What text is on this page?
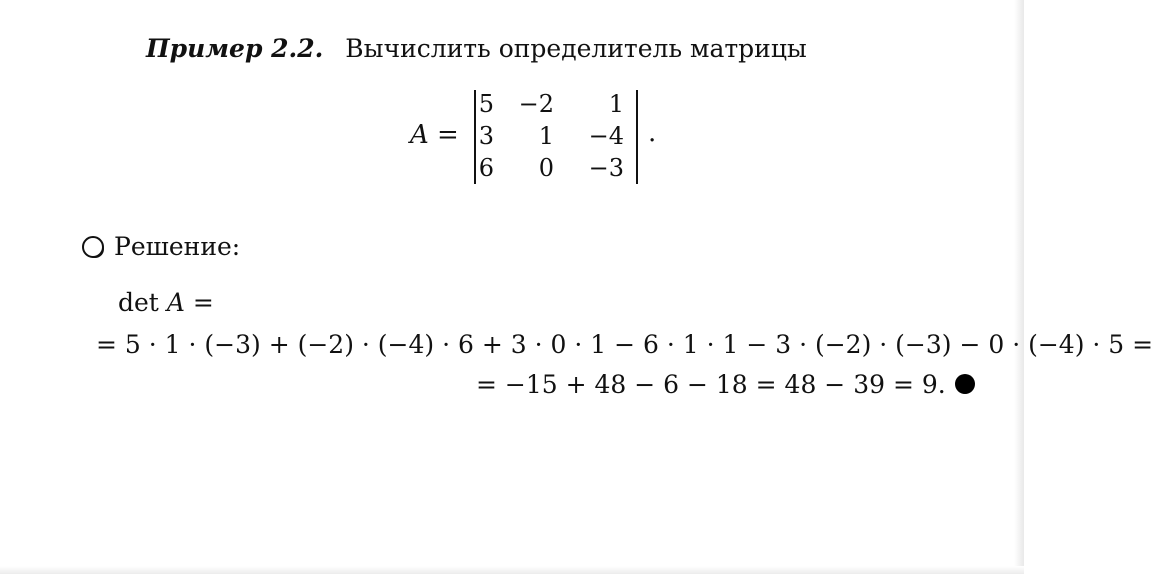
Пример 2.2. Вычислить определитель матрицы
A =
5	−2	1
3	1	−4
6	0	−3
.
Решение:
det A =
= 5 · 1 · (−3) + (−2) · (−4) · 6 + 3 · 0 · 1 − 6 · 1 · 1 − 3 · (−2) · (−3) − 0 · (−4) · 5 =
= −15 + 48 − 6 − 18 = 48 − 39 = 9.
